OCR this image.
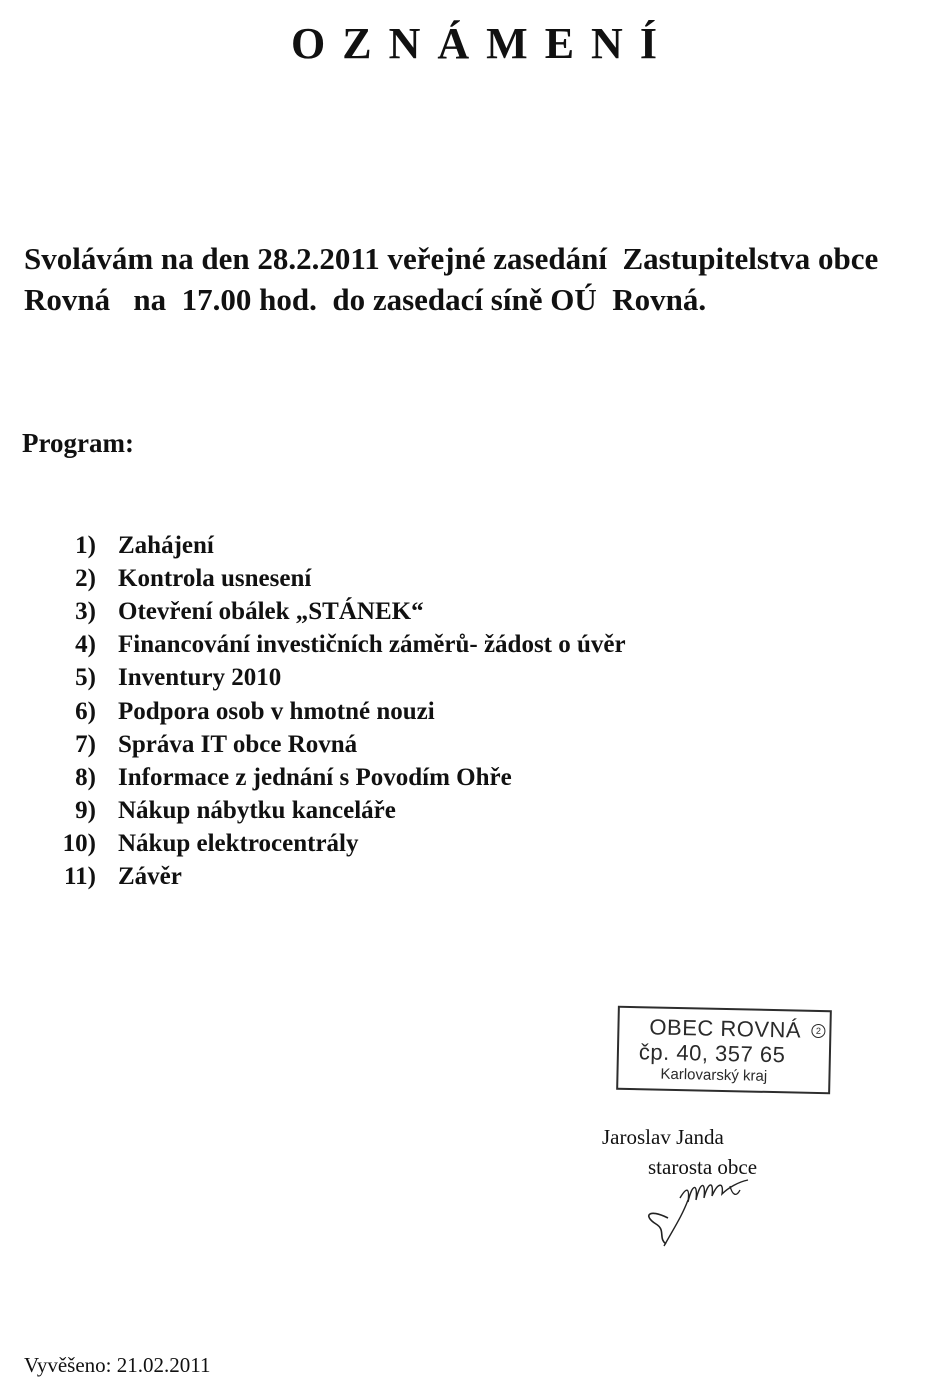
OZNÁMENÍ
Svolávám na den 28.2.2011 veřejné zasedání  Zastupitelstva obce
Rovná   na  17.00 hod.  do zasedací síně OÚ  Rovná.
Program:
1) Zahájení
2) Kontrola usnesení
3) Otevření obálek „STÁNEK“
4) Financování investičních záměrů- žádost o úvěr
5) Inventury 2010
6) Podpora osob v hmotné nouzi
7) Správa IT obce Rovná
8) Informace z jednání s Povodím Ohře
9) Nákup nábytku kanceláře
10) Nákup elektrocentrály
11) Závěr
OBEC ROVNÁ	2
čp. 40, 357 65
Karlovarský kraj
Jaroslav Janda
starosta obce
Vyvěšeno: 21.02.2011
